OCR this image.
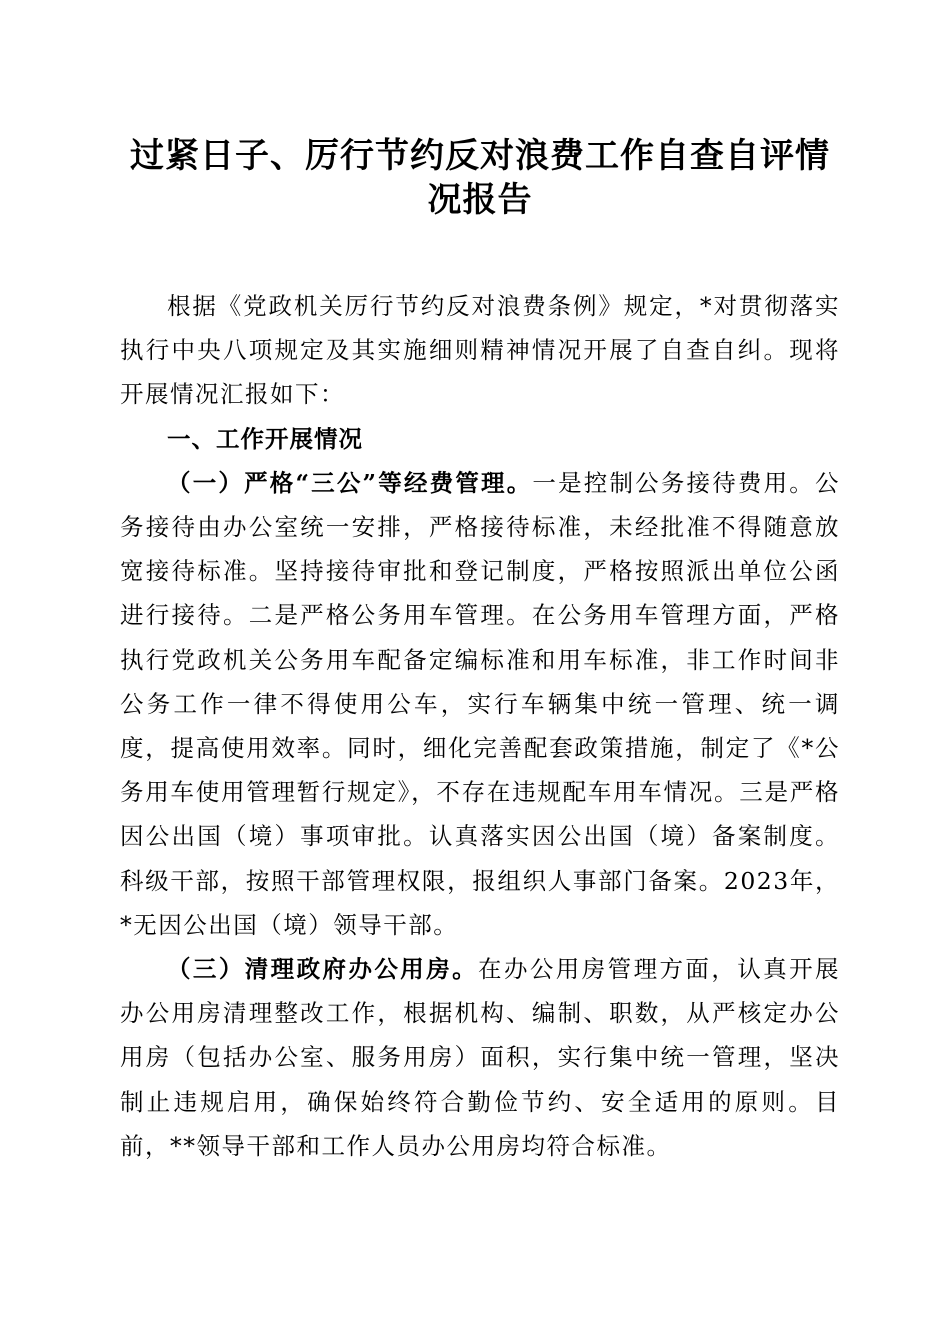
过紧日子、厉行节约反对浪费工作自查自评情况报告

根据《党政机关厉行节约反对浪费条例》规定，*对贯彻落实执行中央八项规定及其实施细则精神情况开展了自查自纠。现将开展情况汇报如下：

一、工作开展情况

（一）严格“三公”等经费管理。一是控制公务接待费用。公务接待由办公室统一安排，严格接待标准，未经批准不得随意放宽接待标准。坚持接待审批和登记制度，严格按照派出单位公函进行接待。二是严格公务用车管理。在公务用车管理方面，严格执行党政机关公务用车配备定编标准和用车标准，非工作时间非公务工作一律不得使用公车，实行车辆集中统一管理、统一调度，提高使用效率。同时，细化完善配套政策措施，制定了《*公务用车使用管理暂行规定》，不存在违规配车用车情况。三是严格因公出国（境）事项审批。认真落实因公出国（境）备案制度。科级干部，按照干部管理权限，报组织人事部门备案。2023年，*无因公出国（境）领导干部。

（三）清理政府办公用房。在办公用房管理方面，认真开展办公用房清理整改工作，根据机构、编制、职数，从严核定办公用房（包括办公室、服务用房）面积，实行集中统一管理，坚决制止违规启用，确保始终符合勤俭节约、安全适用的原则。目前，**领导干部和工作人员办公用房均符合标准。
